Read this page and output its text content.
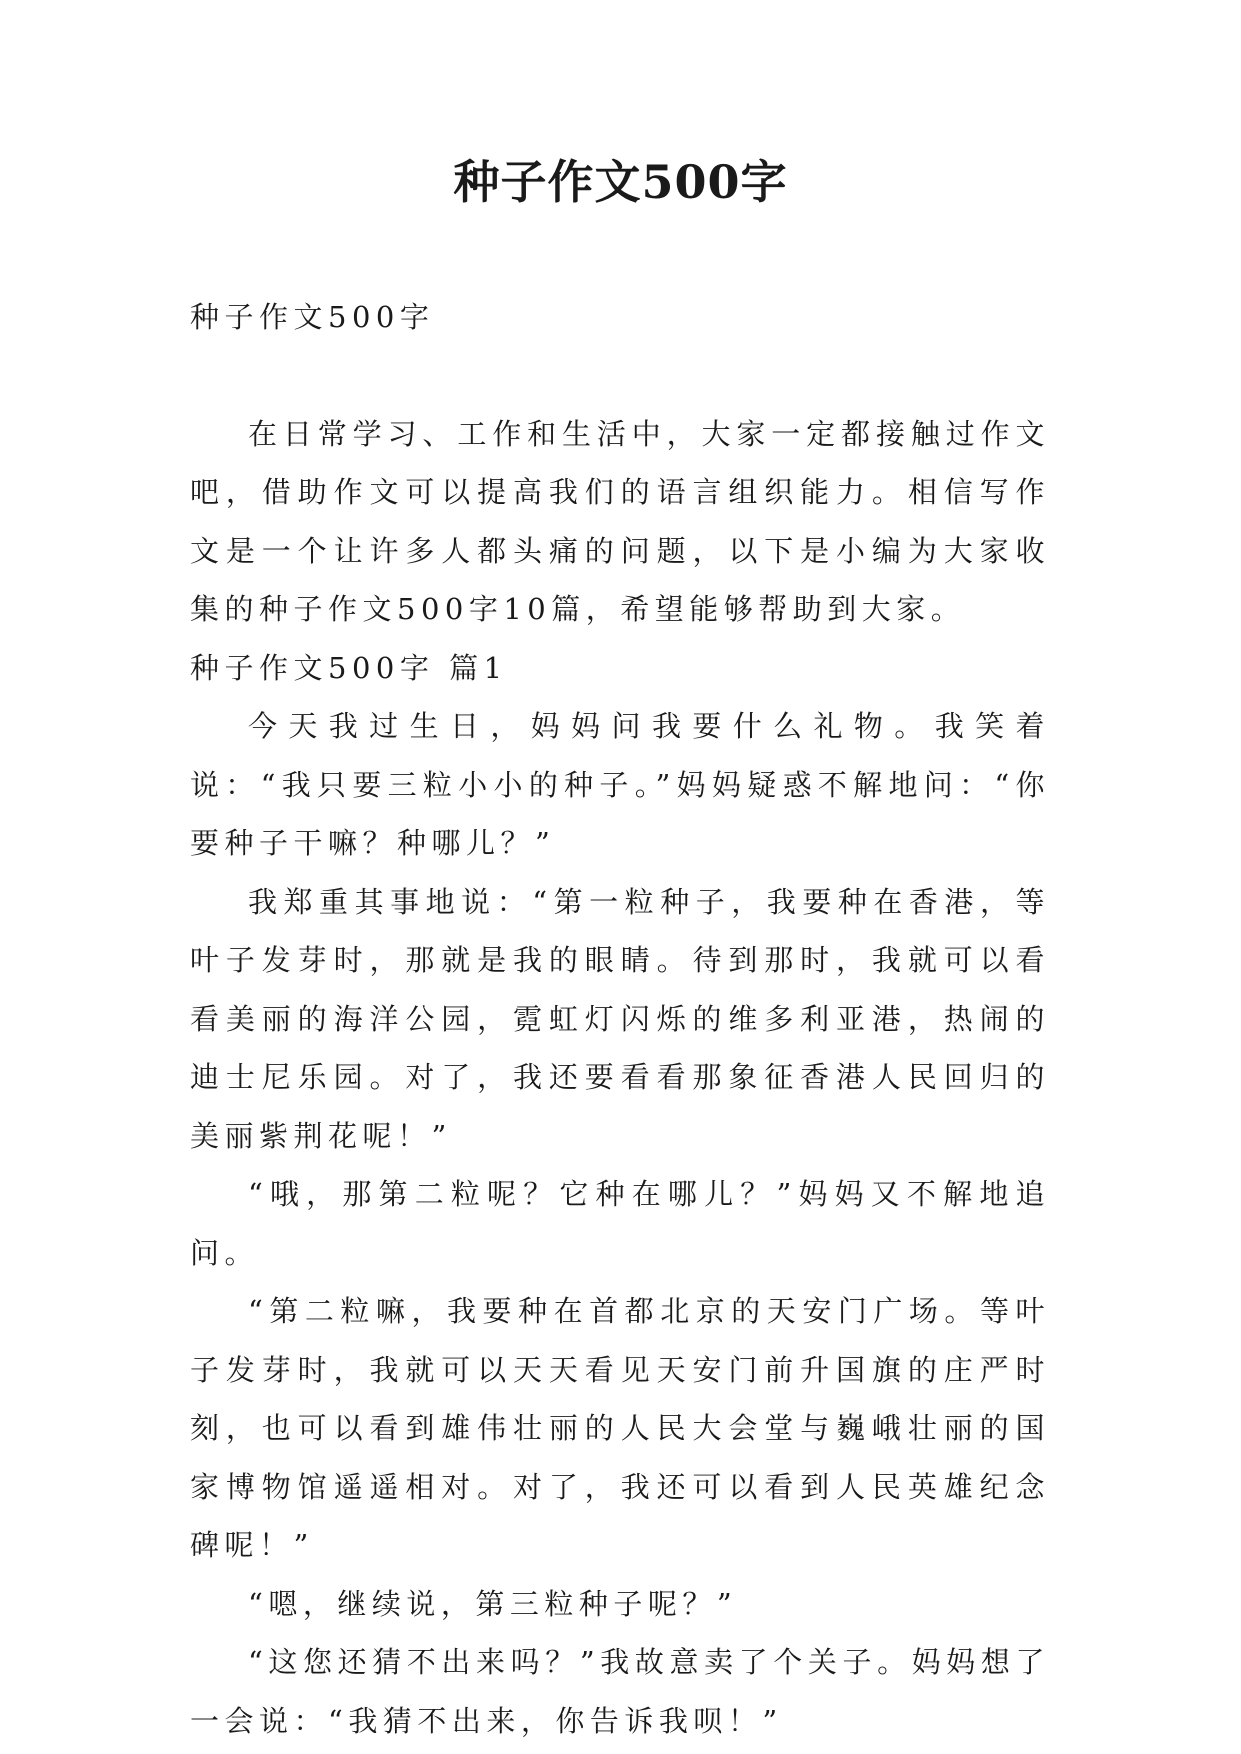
种子作文500字

种子作文500字

在日常学习、工作和生活中，大家一定都接触过作文吧，借助作文可以提高我们的语言组织能力。相信写作文是一个让许多人都头痛的问题，以下是小编为大家收集的种子作文500字10篇，希望能够帮助到大家。

种子作文500字 篇1

今天我过生日，妈妈问我要什么礼物。我笑着说：“我只要三粒小小的种子。”妈妈疑惑不解地问：“你要种子干嘛？种哪儿？”

我郑重其事地说：“第一粒种子，我要种在香港，等叶子发芽时，那就是我的眼睛。待到那时，我就可以看看美丽的海洋公园，霓虹灯闪烁的维多利亚港，热闹的迪士尼乐园。对了，我还要看看那象征香港人民回归的美丽紫荆花呢！”

“哦，那第二粒呢？它种在哪儿？”妈妈又不解地追问。

“第二粒嘛，我要种在首都北京的天安门广场。等叶子发芽时，我就可以天天看见天安门前升国旗的庄严时刻，也可以看到雄伟壮丽的人民大会堂与巍峨壮丽的国家博物馆遥遥相对。对了，我还可以看到人民英雄纪念碑呢！”

“嗯，继续说，第三粒种子呢？”

“这您还猜不出来吗？”我故意卖了个关子。妈妈想了一会说：“我猜不出来，你告诉我呗！”
